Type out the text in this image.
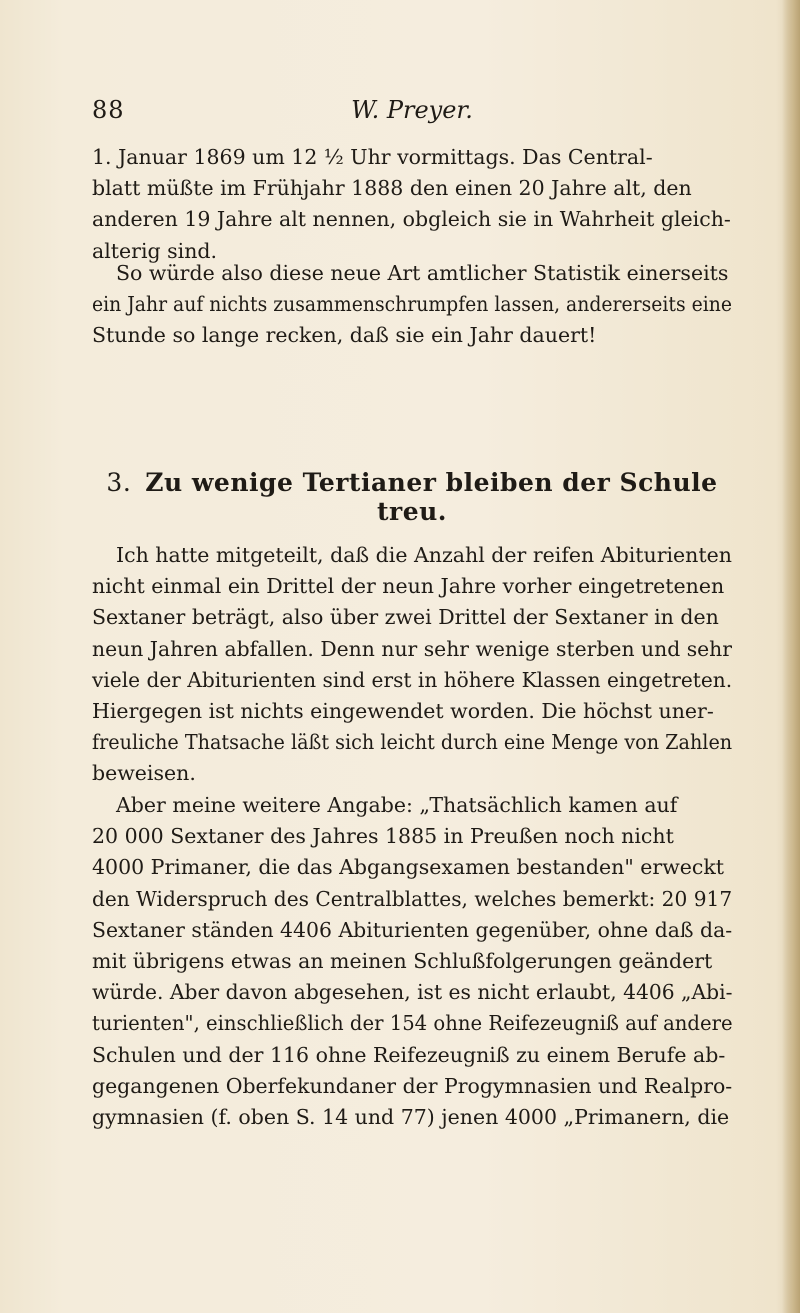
88	W. Preyer.
1. Januar 1869 um 12 ½ Uhr vormittags. Das Central-
blatt müßte im Frühjahr 1888 den einen 20 Jahre alt, den
anderen 19 Jahre alt nennen, obgleich sie in Wahrheit gleich-
alterig sind.
So würde also diese neue Art amtlicher Statistik einerseits
ein Jahr auf nichts zusammenschrumpfen lassen, andererseits eine
Stunde so lange recken, daß sie ein Jahr dauert!
3. Zu wenige Tertianer bleiben der Schule treu.
Ich hatte mitgeteilt, daß die Anzahl der reifen Abiturienten
nicht einmal ein Drittel der neun Jahre vorher eingetretenen
Sextaner beträgt, also über zwei Drittel der Sextaner in den
neun Jahren abfallen. Denn nur sehr wenige sterben und sehr
viele der Abiturienten sind erst in höhere Klassen eingetreten.
Hiergegen ist nichts eingewendet worden. Die höchst uner-
freuliche Thatsache läßt sich leicht durch eine Menge von Zahlen
beweisen.
Aber meine weitere Angabe: „Thatsächlich kamen auf
20 000 Sextaner des Jahres 1885 in Preußen noch nicht
4000 Primaner, die das Abgangsexamen bestanden" erweckt
den Widerspruch des Centralblattes, welches bemerkt: 20 917
Sextaner ständen 4406 Abiturienten gegenüber, ohne daß da-
mit übrigens etwas an meinen Schlußfolgerungen geändert
würde. Aber davon abgesehen, ist es nicht erlaubt, 4406 „Abi-
turienten", einschließlich der 154 ohne Reifezeugniß auf andere
Schulen und der 116 ohne Reifezeugniß zu einem Berufe ab-
gegangenen Oberfekundaner der Progymnasien und Realpro-
gymnasien (f. oben S. 14 und 77) jenen 4000 „Primanern, die
